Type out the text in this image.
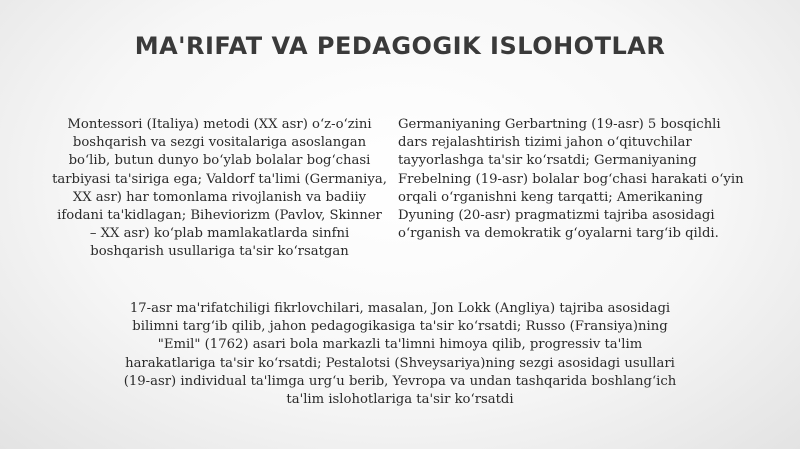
MA'RIFAT VA PEDAGOGIK ISLOHOTLAR

Montessori (Italiya) metodi (XX asr) o‘z-o‘zini boshqarish va sezgi vositalariga asoslangan bo‘lib, butun dunyo bo‘ylab bolalar bog‘chasi tarbiyasi ta'siriga ega; Valdorf ta'limi (Germaniya, XX asr) har tomonlama rivojlanish va badiiy ifodani ta'kidlagan; Biheviorizm (Pavlov, Skinner – XX asr) ko‘plab mamlakatlarda sinfni boshqarish usullariga ta'sir ko‘rsatgan

Germaniyaning Gerbartning (19-asr) 5 bosqichli dars rejalashtirish tizimi jahon o‘qituvchilar tayyorlashga ta'sir ko‘rsatdi; Germaniyaning Frebelning (19-asr) bolalar bog‘chasi harakati o‘yin orqali o‘rganishni keng tarqatti; Amerikaning Dyuning (20-asr) pragmatizmi tajriba asosidagi o‘rganish va demokratik g‘oyalarni targ‘ib qildi.

17-asr ma'rifatchiligi fikrlovchilari, masalan, Jon Lokk (Angliya) tajriba asosidagi bilimni targ‘ib qilib, jahon pedagogikasiga ta'sir ko‘rsatdi; Russo (Fransiya)ning "Emil" (1762) asari bola markazli ta'limni himoya qilib, progressiv ta'lim harakatlariga ta'sir ko‘rsatdi; Pestalotsi (Shveysariya)ning sezgi asosidagi usullari (19-asr) individual ta'limga urg‘u berib, Yevropa va undan tashqarida boshlang‘ich ta'lim islohotlariga ta'sir ko‘rsatdi
